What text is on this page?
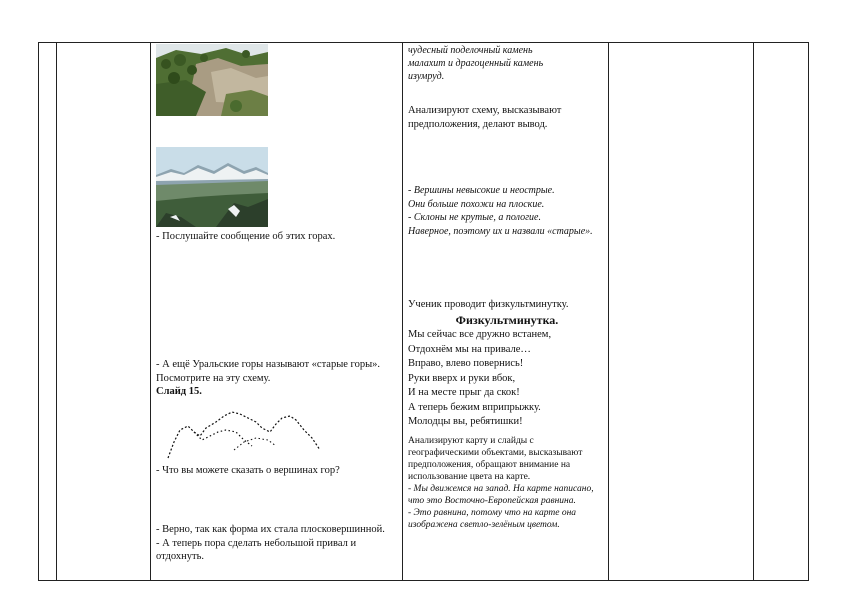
- Послушайте сообщение об этих горах.

- А ещё Уральские горы называют «старые горы». Посмотрите на эту схему.

Слайд 15.

- Что вы можете сказать о вершинах гор?

- Верно, так как форма их стала плосковершинной.

- А теперь пора сделать небольшой привал и отдохнуть.

чудесный поделочный камень

малахит и драгоценный камень

изумруд.

Анализируют схему, высказывают предположения, делают вывод.

- Вершины невысокие и неострые.

Они больше похожи на плоские.

- Склоны не крутые, а пологие.

Наверное, поэтому их и назвали «старые».

Ученик проводит физкультминутку.

Физкультминутка.

Мы сейчас все дружно встанем,

Отдохнём мы на привале…

Вправо, влево повернись!

Руки вверх и руки вбок,

И на месте прыг да скок!

А теперь бежим вприпрыжку.

Молодцы вы, ребятишки!

Анализируют карту и слайды с географическими объектами, высказывают предположения, обращают внимание на использование цвета на карте.

- Мы движемся на запад. На карте написано, что это Восточно-Европейская равнина.

- Это равнина, потому что на карте она изображена светло-зелёным цветом.
